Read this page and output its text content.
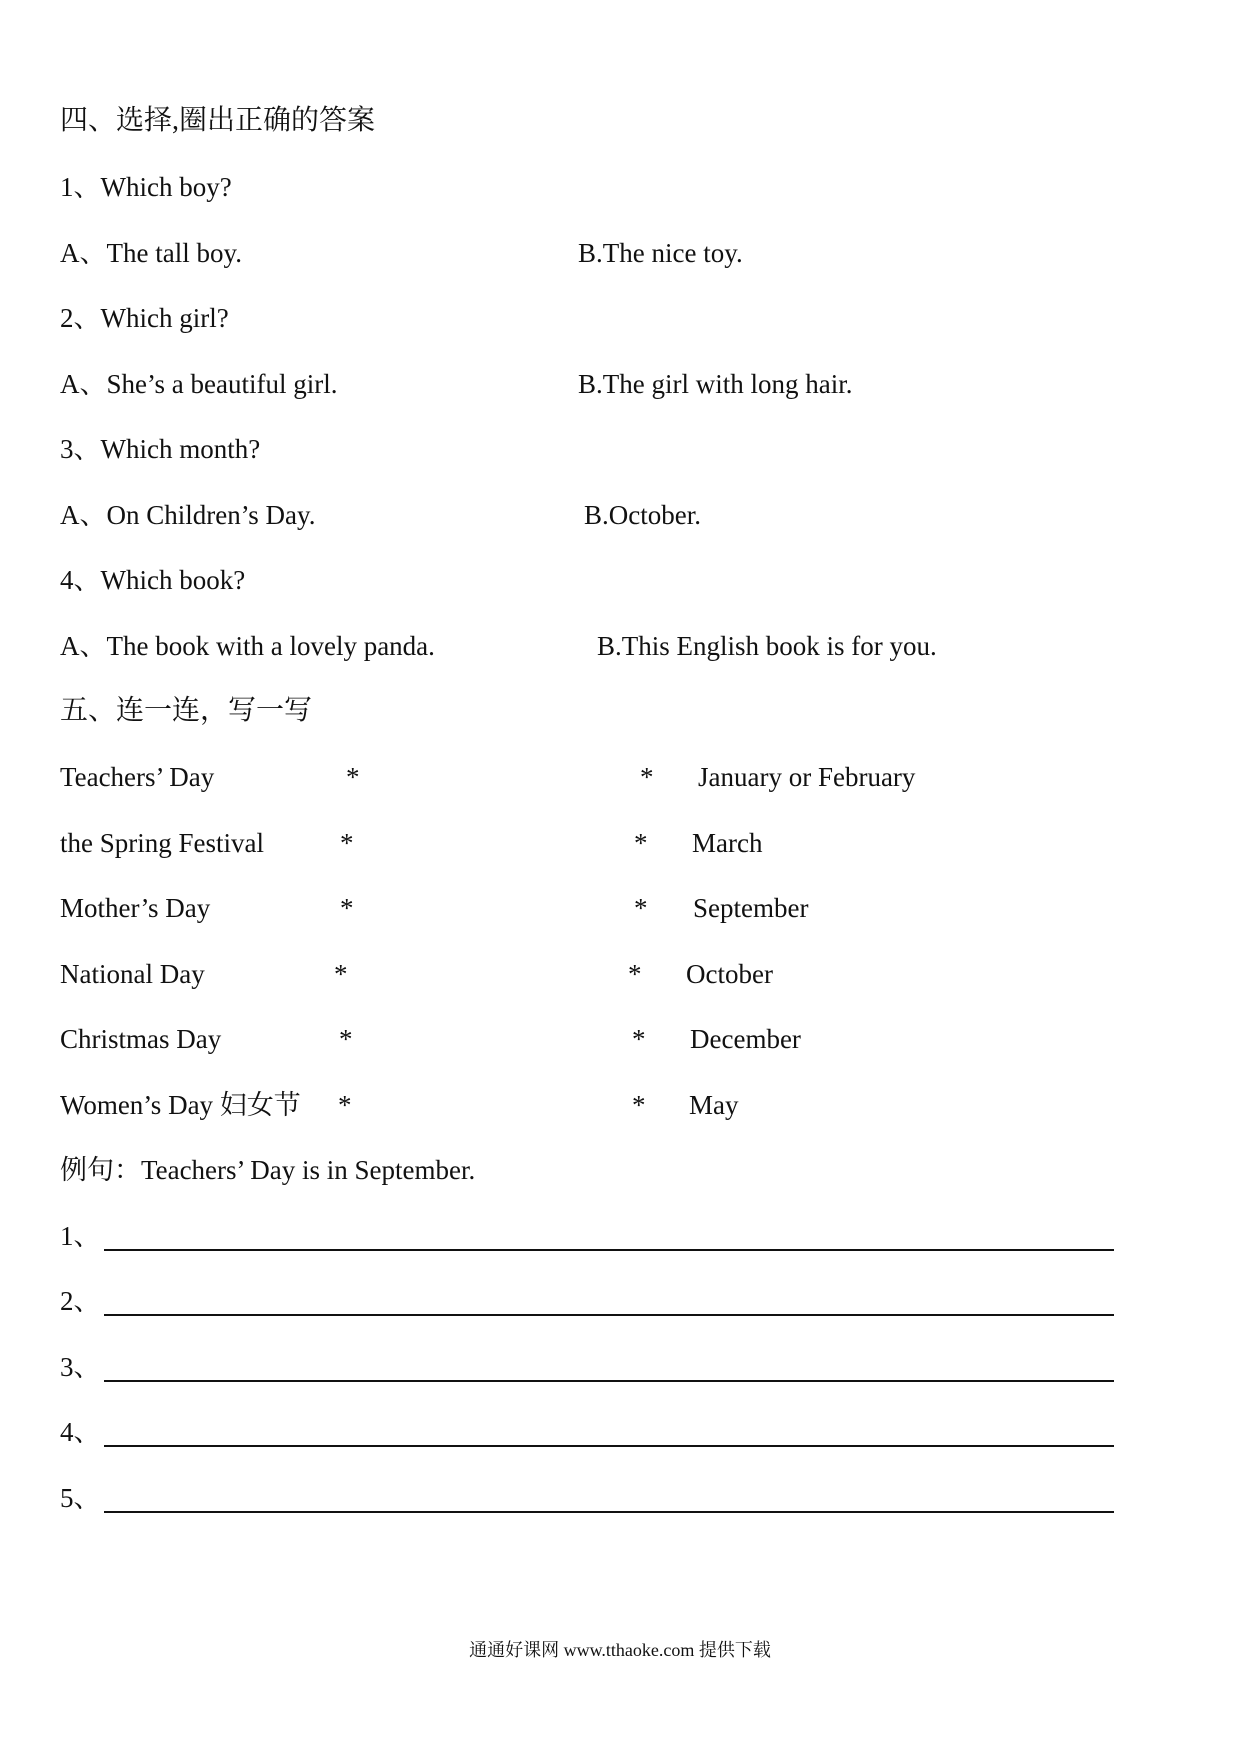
四、选择,圈出正确的答案
1、Which boy?
A、The tall boy.	B.The nice toy.
2、Which girl?
A、She’s a beautiful girl.	B.The girl with long hair.
3、Which month?
A、On Children’s Day.	B.October.
4、Which book?
A、The book with a lovely panda.	B.This English book is for you.
五、连一连，写一写
Teachers’ Day	*	* January or February
the Spring Festival	*	* March
Mother’s Day	*	* September
National Day	*	* October
Christmas Day	*	* December
Women’s Day 妇女节 *	* May
例句：Teachers’ Day is in September.
1、
2、
3、
4、
5、
通通好课网 www.tthaoke.com 提供下载
